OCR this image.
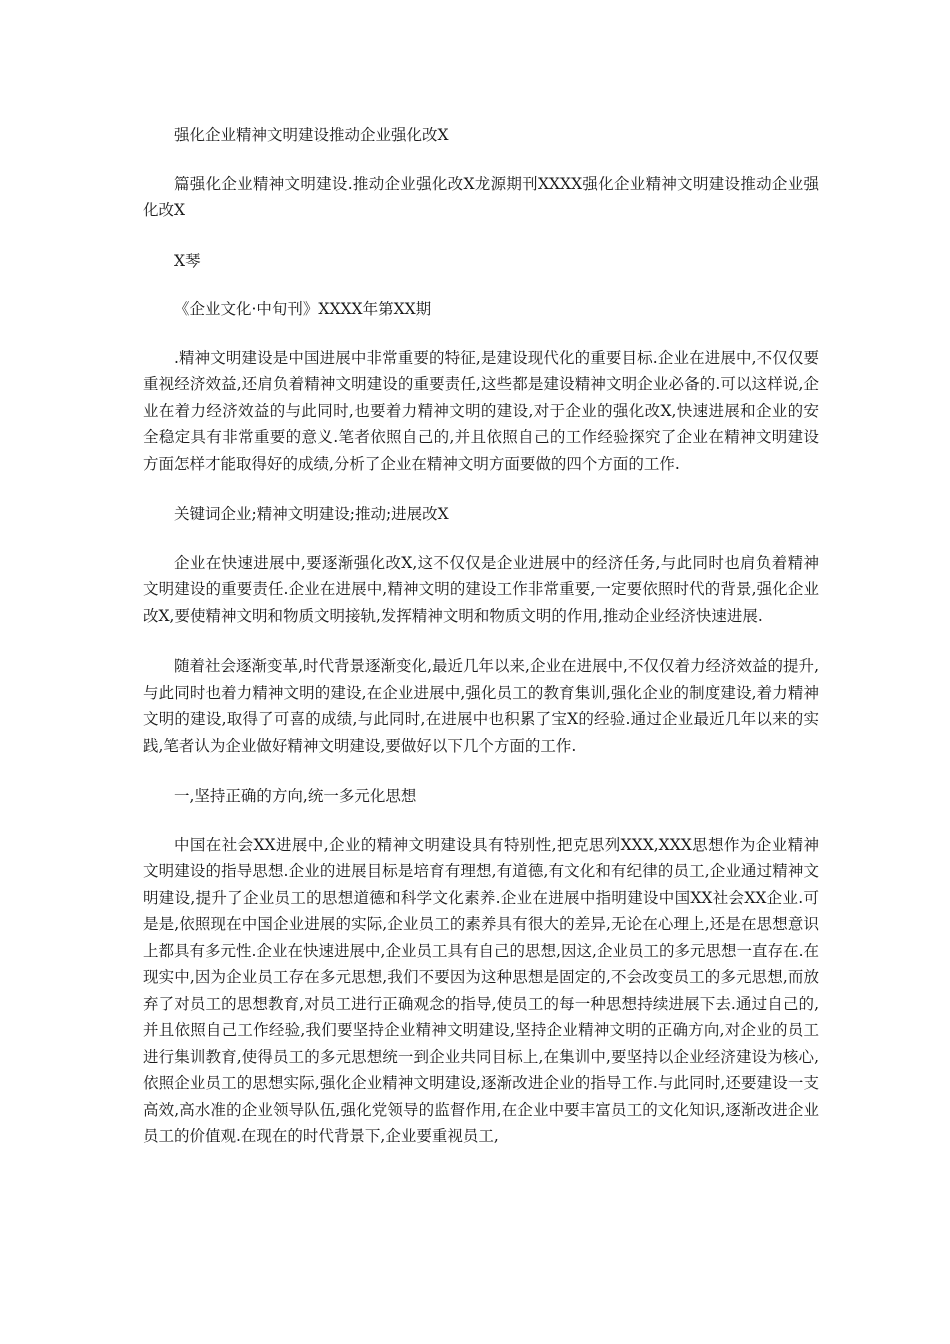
强化企业精神文明建设推动企业强化改X

篇强化企业精神文明建设.推动企业强化改X龙源期刊XXXX强化企业精神文明建设推动企业强化改X

X琴

《企业文化·中旬刊》XXXX年第XX期

.精神文明建设是中国进展中非常重要的特征,是建设现代化的重要目标.企业在进展中,不仅仅要重视经济效益,还肩负着精神文明建设的重要责任,这些都是建设精神文明企业必备的.可以这样说,企业在着力经济效益的与此同时,也要着力精神文明的建设,对于企业的强化改X,快速进展和企业的安全稳定具有非常重要的意义.笔者依照自己的,并且依照自己的工作经验探究了企业在精神文明建设方面怎样才能取得好的成绩,分析了企业在精神文明方面要做的四个方面的工作.

关键词企业;精神文明建设;推动;进展改X

企业在快速进展中,要逐渐强化改X,这不仅仅是企业进展中的经济任务,与此同时也肩负着精神文明建设的重要责任.企业在进展中,精神文明的建设工作非常重要,一定要依照时代的背景,强化企业改X,要使精神文明和物质文明接轨,发挥精神文明和物质文明的作用,推动企业经济快速进展.

随着社会逐渐变革,时代背景逐渐变化,最近几年以来,企业在进展中,不仅仅着力经济效益的提升,与此同时也着力精神文明的建设,在企业进展中,强化员工的教育集训,强化企业的制度建设,着力精神文明的建设,取得了可喜的成绩,与此同时,在进展中也积累了宝X的经验.通过企业最近几年以来的实践,笔者认为企业做好精神文明建设,要做好以下几个方面的工作.

一,坚持正确的方向,统一多元化思想

中国在社会XX进展中,企业的精神文明建设具有特别性,把克思列XXX,XXX思想作为企业精神文明建设的指导思想.企业的进展目标是培育有理想,有道德,有文化和有纪律的员工,企业通过精神文明建设,提升了企业员工的思想道德和科学文化素养.企业在进展中指明建设中国XX社会XX企业.可是是,依照现在中国企业进展的实际,企业员工的素养具有很大的差异,无论在心理上,还是在思想意识上都具有多元性.企业在快速进展中,企业员工具有自己的思想,因这,企业员工的多元思想一直存在.在现实中,因为企业员工存在多元思想,我们不要因为这种思想是固定的,不会改变员工的多元思想,而放弃了对员工的思想教育,对员工进行正确观念的指导,使员工的每一种思想持续进展下去.通过自己的,并且依照自己工作经验,我们要坚持企业精神文明建设,坚持企业精神文明的正确方向,对企业的员工进行集训教育,使得员工的多元思想统一到企业共同目标上,在集训中,要坚持以企业经济建设为核心,依照企业员工的思想实际,强化企业精神文明建设,逐渐改进企业的指导工作.与此同时,还要建设一支高效,高水准的企业领导队伍,强化党领导的监督作用,在企业中要丰富员工的文化知识,逐渐改进企业员工的价值观.在现在的时代背景下,企业要重视员工,
